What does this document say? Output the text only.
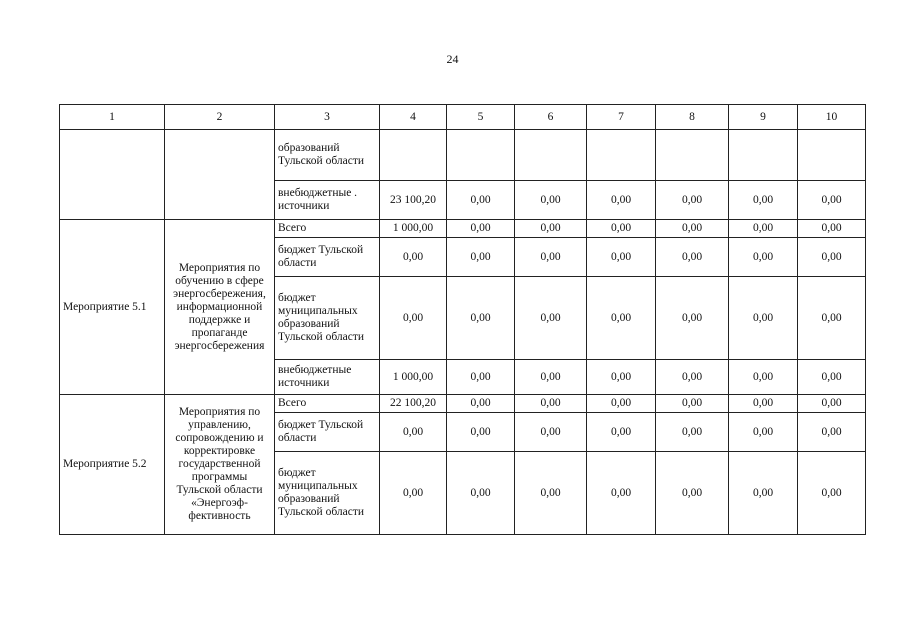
24
1	2	3	4	5	6	7	8	9	10
		образований Тульской области							
		внебюджетные . источники	23 100,20	0,00	0,00	0,00	0,00	0,00	0,00
Мероприятие 5.1	Мероприятия по обучению в сфере энергосбережения, информационной поддержке и пропаганде энергосбережения	Всего	1 000,00	0,00	0,00	0,00	0,00	0,00	0,00
		бюджет Тульской области	0,00	0,00	0,00	0,00	0,00	0,00	0,00
		бюджет муниципальных образований Тульской области	0,00	0,00	0,00	0,00	0,00	0,00	0,00
		внебюджетные источники	1 000,00	0,00	0,00	0,00	0,00	0,00	0,00
Мероприятие 5.2	Мероприятия по управлению, сопровождению и корректировке государственной программы Тульской области «Энергоэф-фективность	Всего	22 100,20	0,00	0,00	0,00	0,00	0,00	0,00
		бюджет Тульской области	0,00	0,00	0,00	0,00	0,00	0,00	0,00
		бюджет муниципальных образований Тульской области	0,00	0,00	0,00	0,00	0,00	0,00	0,00
